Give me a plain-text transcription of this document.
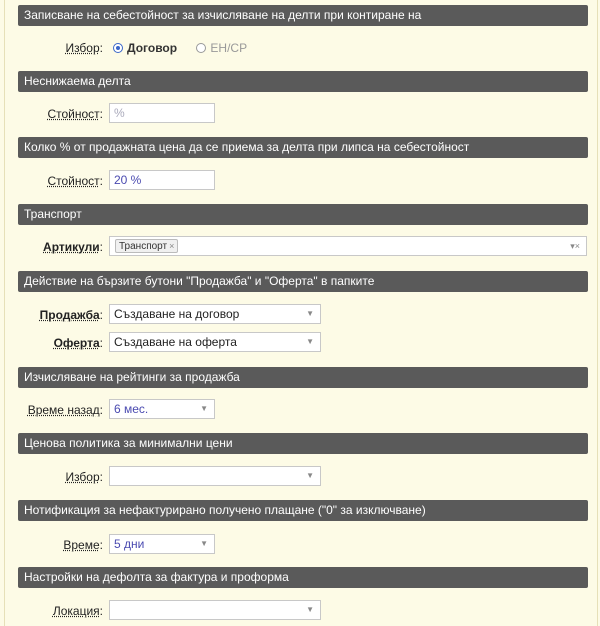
Записване на себестойност за изчисляване на делти при контиране на
Избор:	Договор	ЕН/СР
Неснижаема делта
Стойност: %
Колко % от продажната цена да се приема за делта при липса на себестойност
Стойност: 20 %
Транспорт
Артикули:	Транспорт ×	▾×
Действие на бързите бутони "Продажба" и "Оферта" в папките
Продажба: Създаване на договор	▼
Оферта: Създаване на оферта	▼
Изчисляване на рейтинги за продажба
Време назад: 6 мес.	▼
Ценова политика за минимални цени
Избор:	▼
Нотификация за нефактурирано получено плащане ("0" за изключване)
Време: 5 дни	▼
Настройки на дефолта за фактура и проформа
Локация:	▼
